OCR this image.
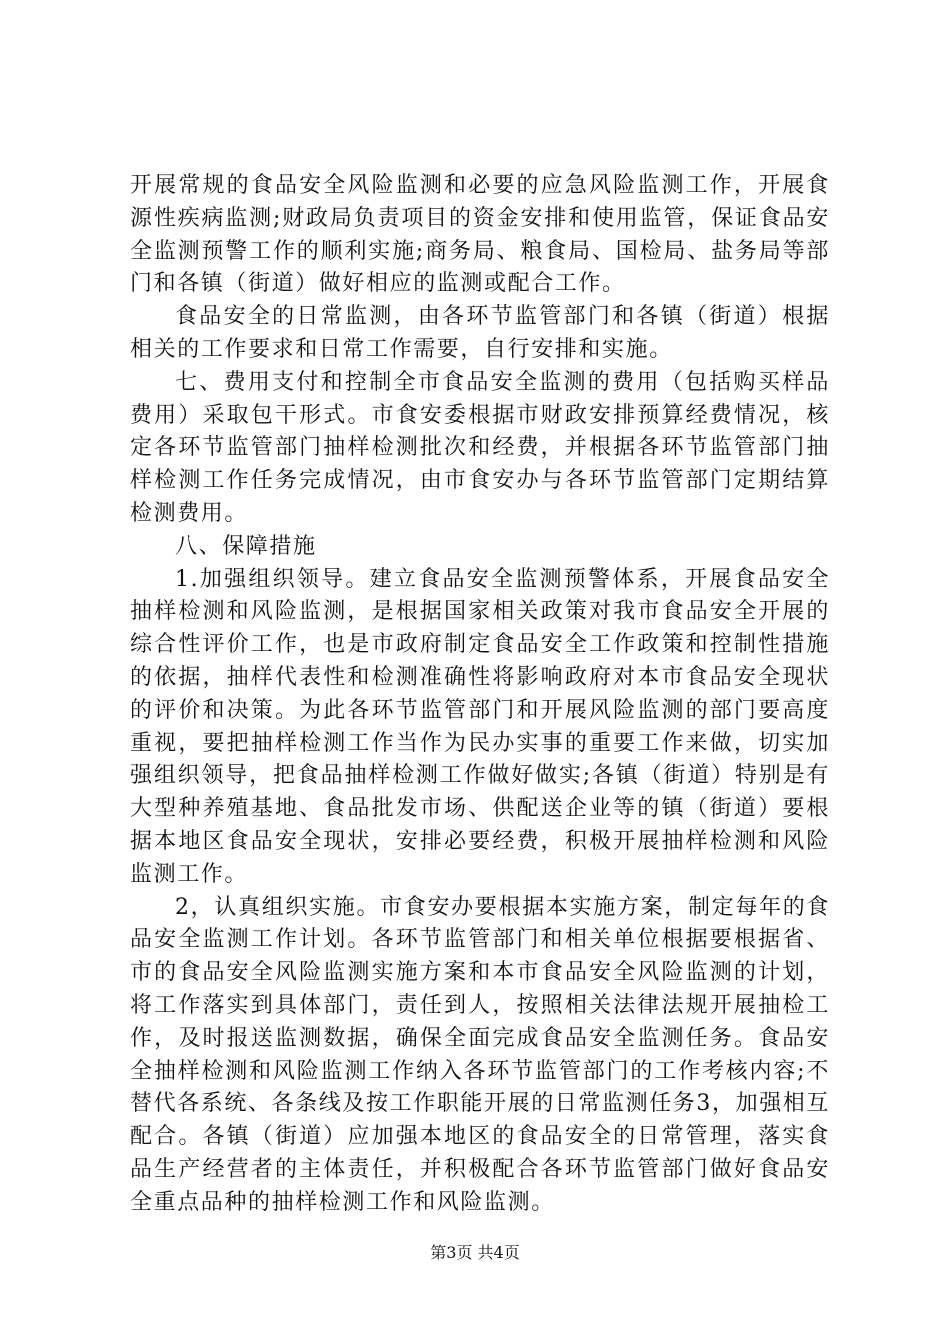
开展常规的食品安全风险监测和必要的应急风险监测工作，开展食源性疾病监测;财政局负责项目的资金安排和使用监管，保证食品安全监测预警工作的顺利实施;商务局、粮食局、国检局、盐务局等部门和各镇（街道）做好相应的监测或配合工作。

食品安全的日常监测，由各环节监管部门和各镇（街道）根据相关的工作要求和日常工作需要，自行安排和实施。

七、费用支付和控制全市食品安全监测的费用（包括购买样品费用）采取包干形式。市食安委根据市财政安排预算经费情况，核定各环节监管部门抽样检测批次和经费，并根据各环节监管部门抽样检测工作任务完成情况，由市食安办与各环节监管部门定期结算检测费用。

八、保障措施

1.加强组织领导。建立食品安全监测预警体系，开展食品安全抽样检测和风险监测，是根据国家相关政策对我市食品安全开展的综合性评价工作，也是市政府制定食品安全工作政策和控制性措施的依据，抽样代表性和检测准确性将影响政府对本市食品安全现状的评价和决策。为此各环节监管部门和开展风险监测的部门要高度重视，要把抽样检测工作当作为民办实事的重要工作来做，切实加强组织领导，把食品抽样检测工作做好做实;各镇（街道）特别是有大型种养殖基地、食品批发市场、供配送企业等的镇（街道）要根据本地区食品安全现状，安排必要经费，积极开展抽样检测和风险监测工作。

2，认真组织实施。市食安办要根据本实施方案，制定每年的食品安全监测工作计划。各环节监管部门和相关单位根据要根据省、市的食品安全风险监测实施方案和本市食品安全风险监测的计划，将工作落实到具体部门，责任到人，按照相关法律法规开展抽检工作，及时报送监测数据，确保全面完成食品安全监测任务。食品安全抽样检测和风险监测工作纳入各环节监管部门的工作考核内容;不替代各系统、各条线及按工作职能开展的日常监测任务3，加强相互配合。各镇（街道）应加强本地区的食品安全的日常管理，落实食品生产经营者的主体责任，并积极配合各环节监管部门做好食品安全重点品种的抽样检测工作和风险监测。

第3页 共4页
